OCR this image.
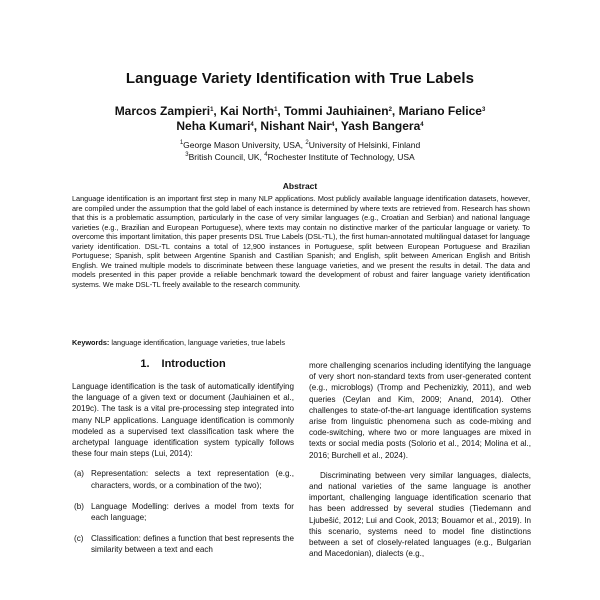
Language Variety Identification with True Labels
Marcos Zampieri$^1$, Kai North$^1$, Tommi Jauhiainen$^2$, Mariano Felice$^3$
Neha Kumari$^4$, Nishant Nair$^4$, Yash Bangera$^4$
$^1$George Mason University, USA, $^2$University of Helsinki, Finland
$^3$British Council, UK, $^4$Rochester Institute of Technology, USA
Abstract
Language identification is an important first step in many NLP applications. Most publicly available language identification datasets, however, are compiled under the assumption that the gold label of each instance is determined by where texts are retrieved from. Research has shown that this is a problematic assumption, particularly in the case of very similar languages (e.g., Croatian and Serbian) and national language varieties (e.g., Brazilian and European Portuguese), where texts may contain no distinctive marker of the particular language or variety. To overcome this important limitation, this paper presents DSL True Labels (DSL-TL), the first human-annotated multilingual dataset for language variety identification. DSL-TL contains a total of 12,900 instances in Portuguese, split between European Portuguese and Brazilian Portuguese; Spanish, split between Argentine Spanish and Castilian Spanish; and English, split between American English and British English. We trained multiple models to discriminate between these language varieties, and we present the results in detail. The data and models presented in this paper provide a reliable benchmark toward the development of robust and fairer language variety identification systems. We make DSL-TL freely available to the research community.
Keywords: language identification, language varieties, true labels
1. Introduction

Language identification is the task of automatically identifying the language of a given text or document (Jauhiainen et al., 2019c). The task is a vital pre-processing step integrated into many NLP applications. Language identification is commonly modeled as a supervised text classification task where the archetypal language identification system typically follows these four main steps (Lui, 2014):

(a) Representation: selects a text representation (e.g., characters, words, or a combination of the two);
(b) Language Modelling: derives a model from texts for each language;
(c) Classification: defines a function that best represents the similarity between a text and each

more challenging scenarios including identifying the language of very short non-standard texts from user-generated content (e.g., microblogs) (Tromp and Pechenizkiy, 2011), and web queries (Ceylan and Kim, 2009; Anand, 2014). Other challenges to state-of-the-art language identification systems arise from linguistic phenomena such as code-mixing and code-switching, where two or more languages are mixed in texts or social media posts (Solorio et al., 2014; Molina et al., 2016; Burchell et al., 2024).

Discriminating between very similar languages, dialects, and national varieties of the same language is another important, challenging language identification scenario that has been addressed by several studies (Tiedemann and Ljubešić, 2012; Lui and Cook, 2013; Bouamor et al., 2019). In this scenario, systems need to model fine distinctions between a set of closely-related languages (e.g., Bulgarian and Macedonian), dialects (e.g.,
